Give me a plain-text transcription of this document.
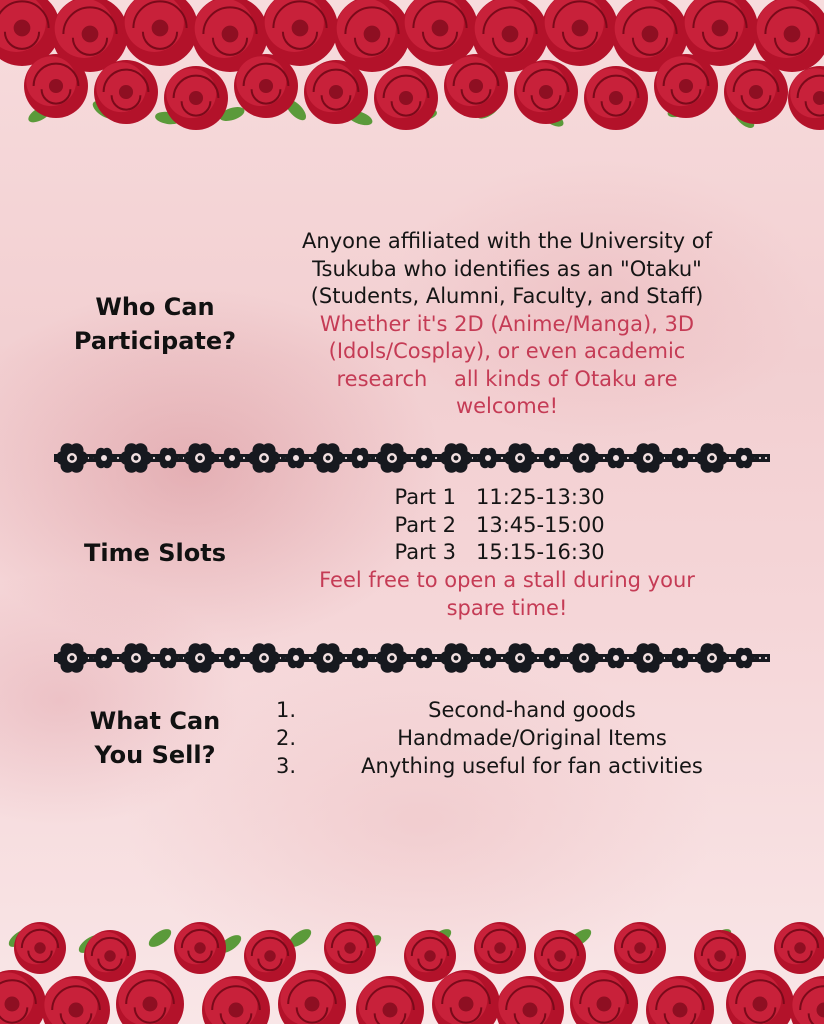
Who Can
Participate?
Anyone affiliated with the University of
Tsukuba who identifies as an "Otaku"
(Students, Alumni, Faculty, and Staff)
Whether it's 2D (Anime/Manga), 3D
(Idols/Cosplay), or even academic
research    all kinds of Otaku are
welcome!
Time Slots
Part 1 11:25-13:30
Part 2 13:45-15:00
Part 3 15:15-16:30
Feel free to open a stall during your
spare time!
What Can
You Sell?
1.	Second-hand goods
2.	Handmade/Original Items
3.	Anything useful for fan activities
